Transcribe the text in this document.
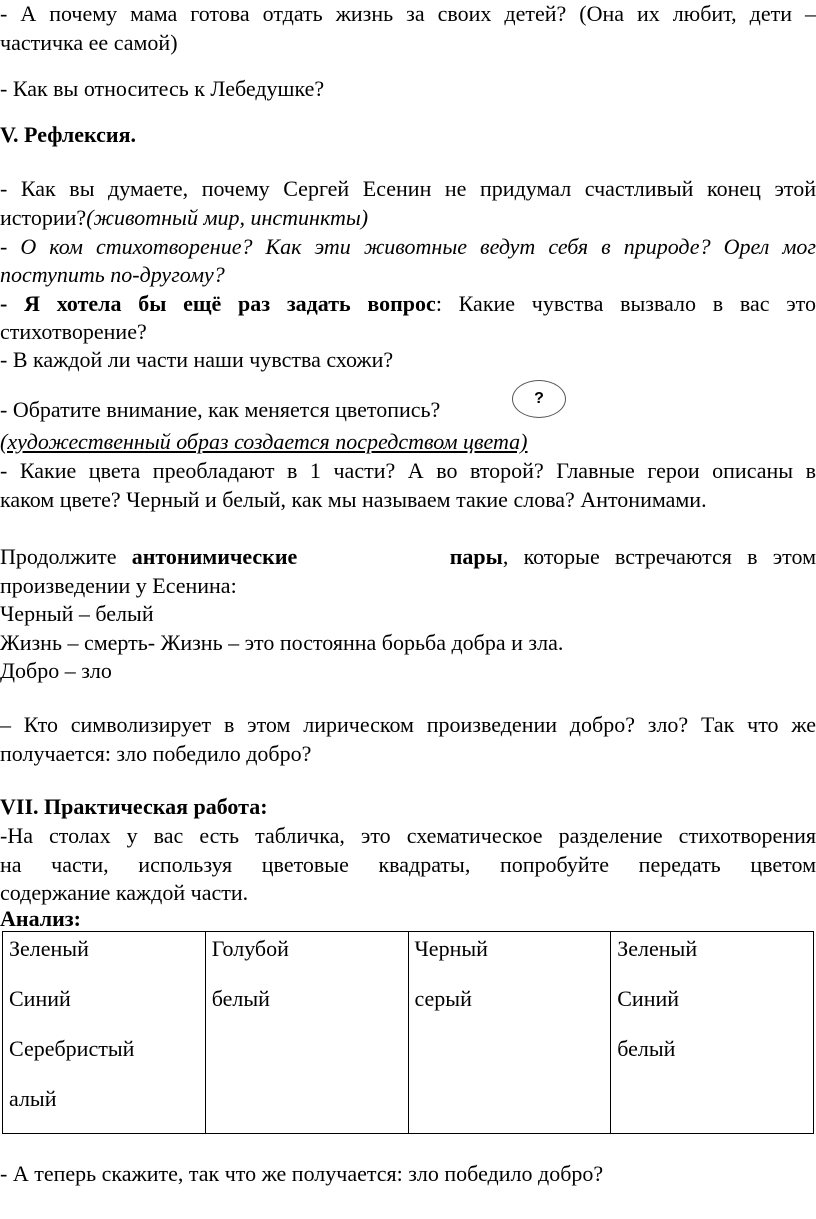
- А почему мама готова отдать жизнь за своих детей? (Она их любит, дети –
частичка ее самой)
- Как вы относитесь к Лебедушке?
V. Рефлексия.
- Как вы думаете, почему Сергей Есенин не придумал счастливый конец этой
истории?(животный мир, инстинкты)
- О ком стихотворение? Как эти животные ведут себя в природе? Орел мог
поступить по-другому?
- Я хотела бы ещё раз задать вопрос: Какие чувства вызвало в вас это
стихотворение?
- В каждой ли части наши чувства схожи?
- Обратите внимание, как меняется цветопись?	?
(художественный образ создается посредством цвета)
- Какие цвета преобладают в 1 части? А во второй? Главные герои описаны в
каком цвете? Черный и белый, как мы называем такие слова? Антонимами.
Продолжите антонимические	пары, которые встречаются в этом
произведении у Есенина:
Черный – белый
Жизнь – смерть- Жизнь – это постоянна борьба добра и зла.
Добро – зло
– Кто символизирует в этом лирическом произведении добро? зло? Так что же
получается: зло победило добро?
VII. Практическая работа:
-На столах у вас есть табличка, это схематическое разделение стихотворения
на части, используя цветовые квадраты, попробуйте передать цветом
содержание каждой части.
Анализ:
Зеленый
Синий
Серебристый
алый

Голубой
белый

Черный
серый

Зеленый
Синий
белый
- А теперь скажите, так что же получается: зло победило добро?
